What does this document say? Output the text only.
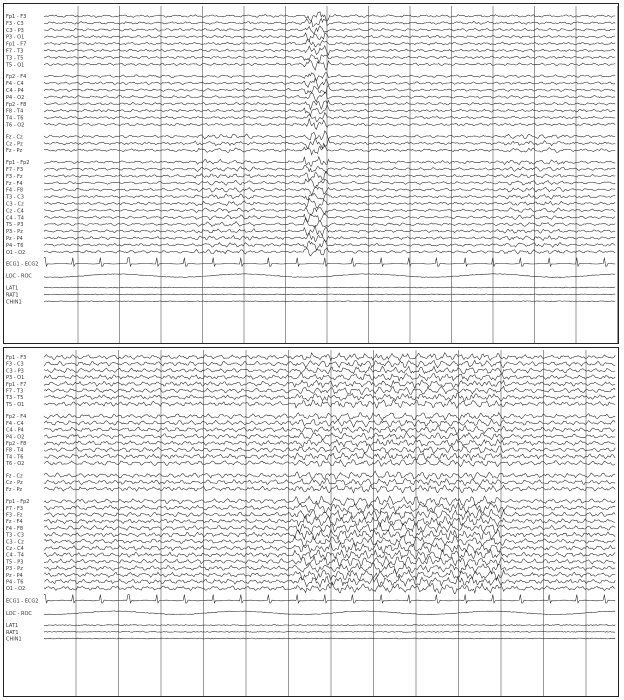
Fp1 - F3
F3 - C3
C3 - P3
P3 - O1
Fp1 - F7
F7 - T3
T3 - T5
T5 - O1
Fp2 - F4
F4 - C4
C4 - P4
P4 - O2
Fp2 - F8
F8 - T4
T4 - T6
T6 - O2
Fz - Cz
Cz - Pz
Fz - Pz
Fp1 - Fp2
F7 - F3
F3 - Fz
Fz - F4
F4 - F8
T3 - C3
C3 - Cz
Cz - C4
C4 - T4
T5 - P3
P3 - Pz
Pz - P4
P4 - T6
O1 - O2
ECG1 - ECG2
LOC - ROC
LAT1
RAT1
CHIN1
Fp1 - F3
F3 - C3
C3 - P3
P3 - O1
Fp1 - F7
F7 - T3
T3 - T5
T5 - O1
Fp2 - F4
F4 - C4
C4 - P4
P4 - O2
Fp2 - F8
F8 - T4
T4 - T6
T6 - O2
Fz - Cz
Cz - Pz
Fz - Pz
Fp1 - Fp2
F7 - F3
F3 - Fz
Fz - F4
F4 - F8
T3 - C3
C3 - Cz
Cz - C4
C4 - T4
T5 - P3
P3 - Pz
Pz - P4
P4 - T6
O1 - O2
ECG1 - ECG2
LOC - ROC
LAT1
RAT1
CHIN1
